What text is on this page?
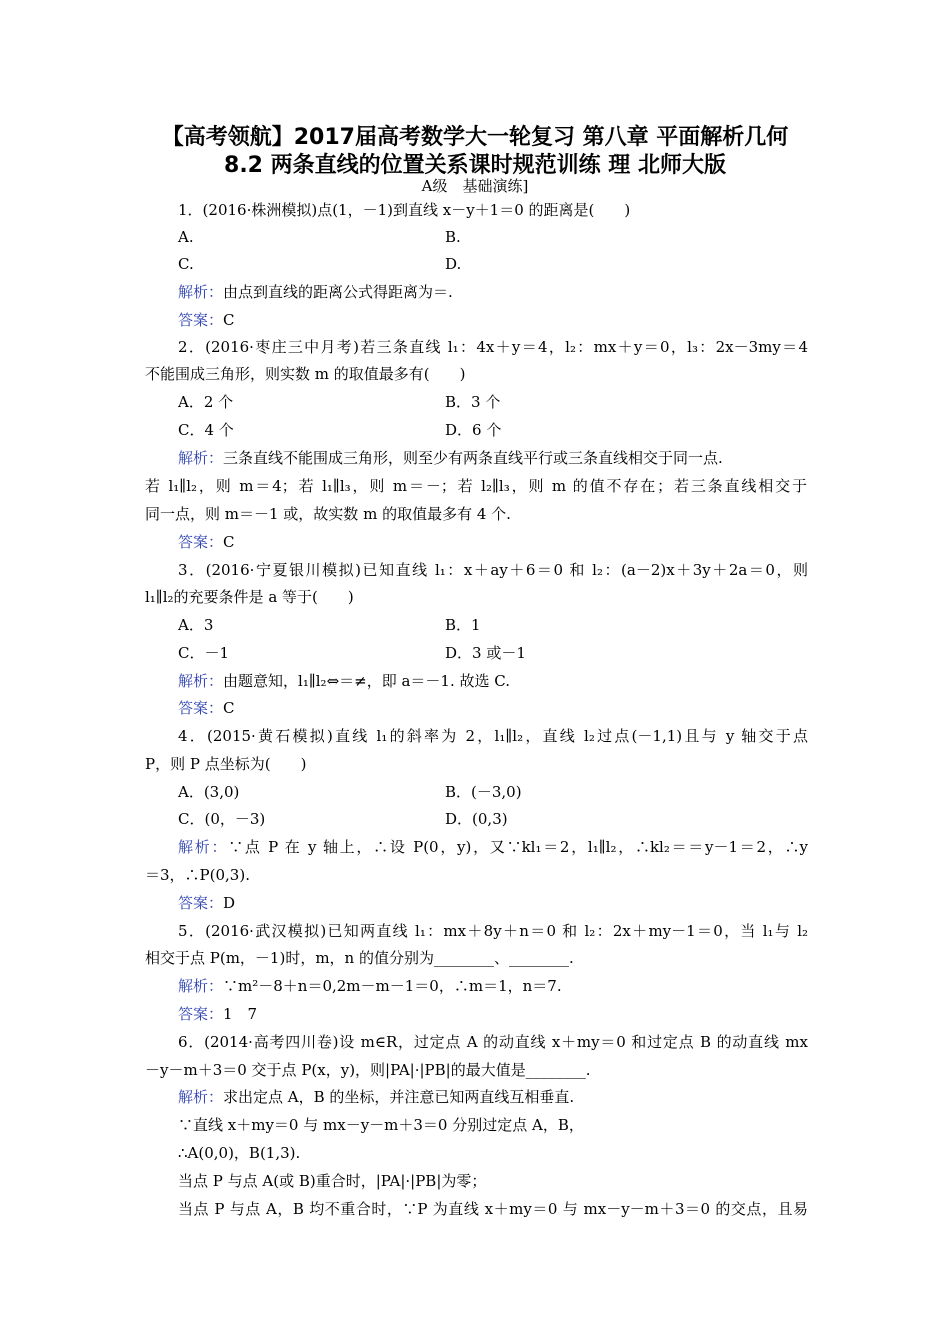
【高考领航】2017届高考数学大一轮复习 第八章 平面解析几何
8.2 两条直线的位置关系课时规范训练 理 北师大版
A级　基础演练]
1．(2016·株洲模拟)点(1，－1)到直线 x－y＋1＝0 的距离是(　　)
A.	B.
C.	D.
解析：由点到直线的距离公式得距离为＝.
答案：C
2．(2016·枣庄三中月考)若三条直线 l₁：4x＋y＝4，l₂：mx＋y＝0，l₃：2x－3my＝4
不能围成三角形，则实数 m 的取值最多有(　　)
A．2 个	B．3 个
C．4 个	D．6 个
解析：三条直线不能围成三角形，则至少有两条直线平行或三条直线相交于同一点.
若 l₁∥l₂，则 m＝4；若 l₁∥l₃，则 m＝－；若 l₂∥l₃，则 m 的值不存在；若三条直线相交于
同一点，则 m＝－1 或，故实数 m 的取值最多有 4 个.
答案：C
3．(2016·宁夏银川模拟)已知直线 l₁：x＋ay＋6＝0 和 l₂：(a－2)x＋3y＋2a＝0，则
l₁∥l₂的充要条件是 a 等于(　　)
A．3	B．1
C．－1	D．3 或－1
解析：由题意知，l₁∥l₂⇔＝≠，即 a＝－1. 故选 C.
答案：C
4．(2015·黄石模拟)直线 l₁的斜率为 2，l₁∥l₂，直线 l₂过点(－1,1)且与 y 轴交于点
P，则 P 点坐标为(　　)
A．(3,0)	B．(－3,0)
C．(0，－3)	D．(0,3)
解析：∵点 P 在 y 轴上，∴设 P(0，y)，又∵kl₁＝2，l₁∥l₂，∴kl₂＝＝y－1＝2，∴y
＝3，∴P(0,3).
答案：D
5．(2016·武汉模拟)已知两直线 l₁：mx＋8y＋n＝0 和 l₂：2x＋my－1＝0，当 l₁与 l₂
相交于点 P(m，－1)时，m，n 的值分别为________、________.
解析：∵m²－8＋n＝0,2m－m－1＝0，∴m＝1，n＝7.
答案：1　7
6．(2014·高考四川卷)设 m∈R，过定点 A 的动直线 x＋my＝0 和过定点 B 的动直线 mx
－y－m＋3＝0 交于点 P(x，y)，则|PA|·|PB|的最大值是________.
解析：求出定点 A，B 的坐标，并注意已知两直线互相垂直.
∵直线 x＋my＝0 与 mx－y－m＋3＝0 分别过定点 A，B，
∴A(0,0)，B(1,3).
当点 P 与点 A(或 B)重合时，|PA|·|PB|为零；
当点 P 与点 A，B 均不重合时，∵P 为直线 x＋my＝0 与 mx－y－m＋3＝0 的交点，且易
